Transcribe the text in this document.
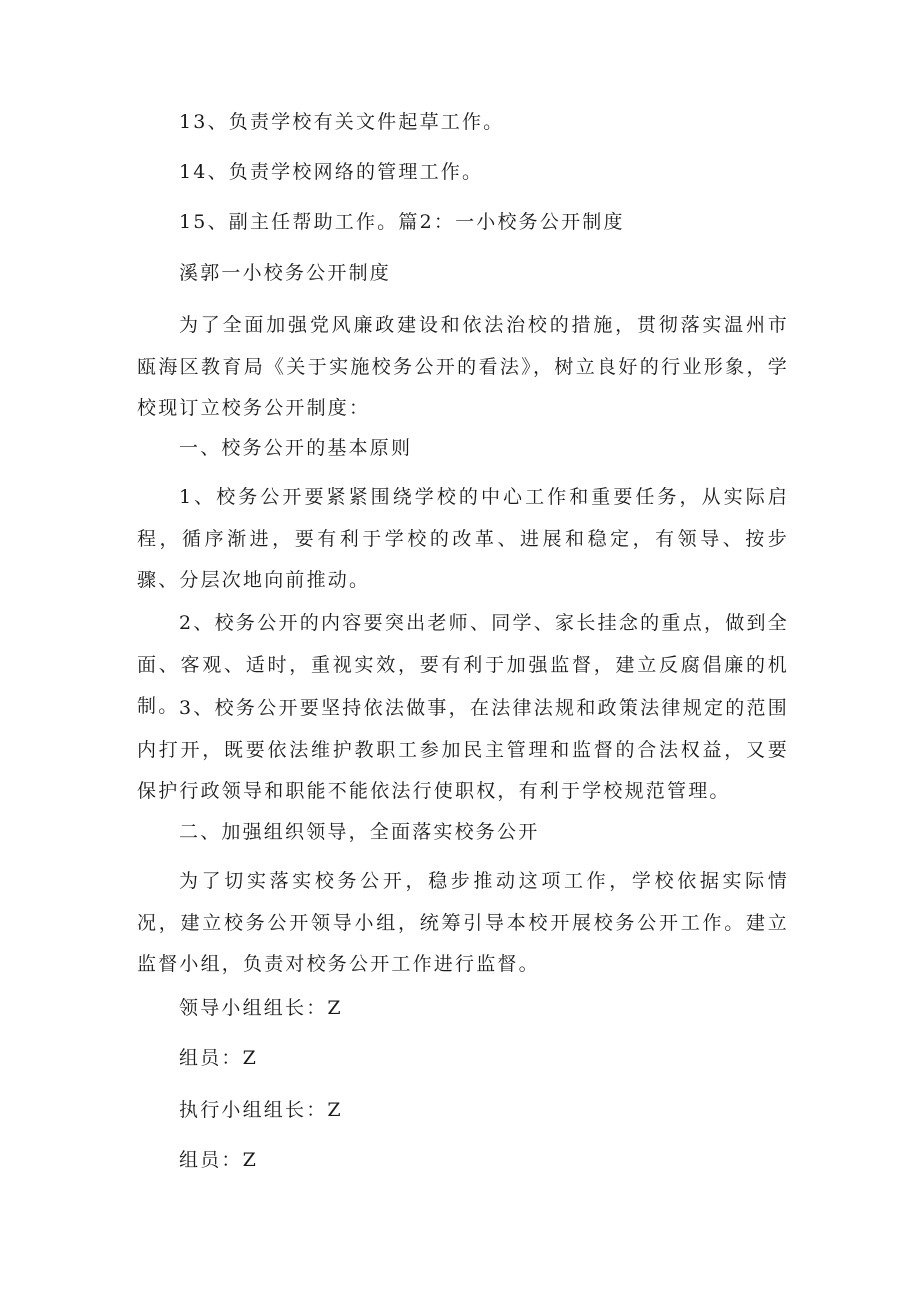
13、负责学校有关文件起草工作。
14、负责学校网络的管理工作。
15、副主任帮助工作。篇2：一小校务公开制度
溪郭一小校务公开制度
为了全面加强党风廉政建设和依法治校的措施，贯彻落实温州市瓯海区教育局《关于实施校务公开的看法》，树立良好的行业形象，学校现订立校务公开制度：
一、校务公开的基本原则
1、校务公开要紧紧围绕学校的中心工作和重要任务，从实际启程，循序渐进，要有利于学校的改革、进展和稳定，有领导、按步骤、分层次地向前推动。
2、校务公开的内容要突出老师、同学、家长挂念的重点，做到全面、客观、适时，重视实效，要有利于加强监督，建立反腐倡廉的机制。 3、校务公开要坚持依法做事，在法律法规和政策法律规定的范围内打开，既要依法维护教职工参加民主管理和监督的合法权益，又要保护行政领导和职能不能依法行使职权，有利于学校规范管理。
二、加强组织领导，全面落实校务公开
为了切实落实校务公开，稳步推动这项工作，学校依据实际情况，建立校务公开领导小组，统筹引导本校开展校务公开工作。建立监督小组，负责对校务公开工作进行监督。
领导小组组长：Z
组员：Z
执行小组组长：Z
组员：Z
